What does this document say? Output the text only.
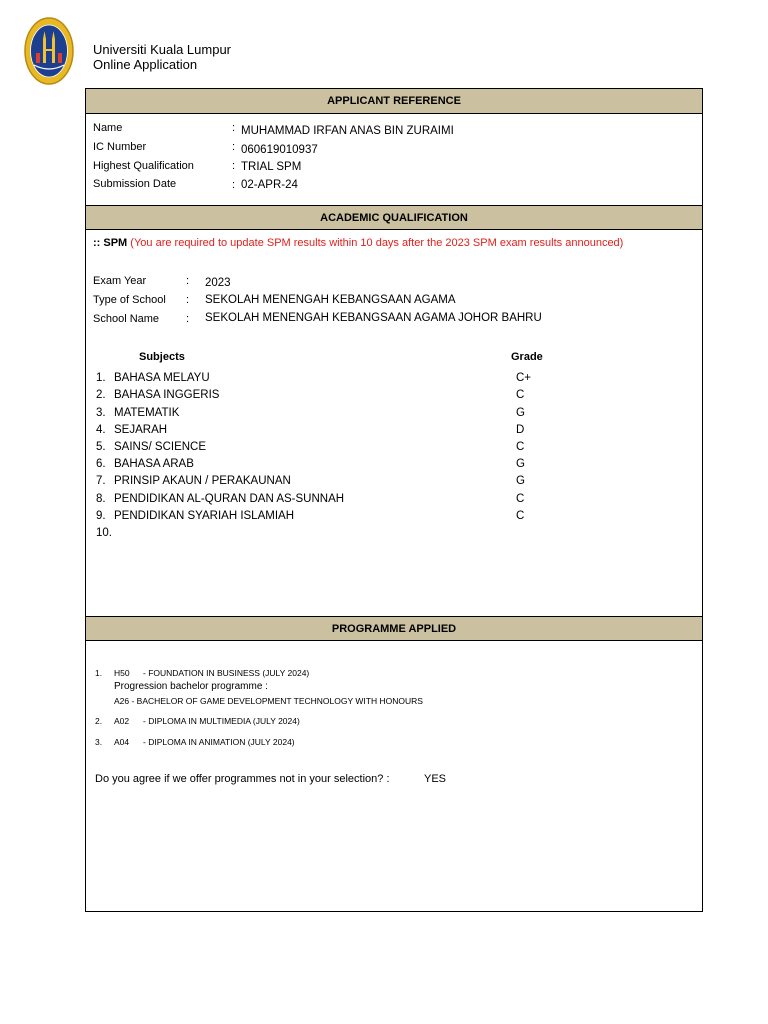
Universiti Kuala Lumpur
Online Application
APPLICANT REFERENCE
Name	: MUHAMMAD IRFAN ANAS BIN ZURAIMI
IC Number	: 060619010937
Highest Qualification	: TRIAL SPM
Submission Date	: 02-APR-24
ACADEMIC QUALIFICATION
:: SPM (You are required to update SPM results within 10 days after the 2023 SPM exam results announced)
Exam Year	: 2023
Type of School : SEKOLAH MENENGAH KEBANGSAAN AGAMA
School Name : SEKOLAH MENENGAH KEBANGSAAN AGAMA JOHOR BAHRU
Subjects	Grade
1. BAHASA MELAYU	C+
2. BAHASA INGGERIS	C
3. MATEMATIK	G
4. SEJARAH	D
5. SAINS/ SCIENCE	C
6. BAHASA ARAB	G
7. PRINSIP AKAUN / PERAKAUNAN	G
8. PENDIDIKAN AL-QURAN DAN AS-SUNNAH	C
9. PENDIDIKAN SYARIAH ISLAMIAH	C
10.
PROGRAMME APPLIED
1. H50 - FOUNDATION IN BUSINESS (JULY 2024)
Progression bachelor programme :
A26 - BACHELOR OF GAME DEVELOPMENT TECHNOLOGY WITH HONOURS
2. A02 - DIPLOMA IN MULTIMEDIA (JULY 2024)
3. A04 - DIPLOMA IN ANIMATION (JULY 2024)
Do you agree if we offer programmes not in your selection? :	YES
